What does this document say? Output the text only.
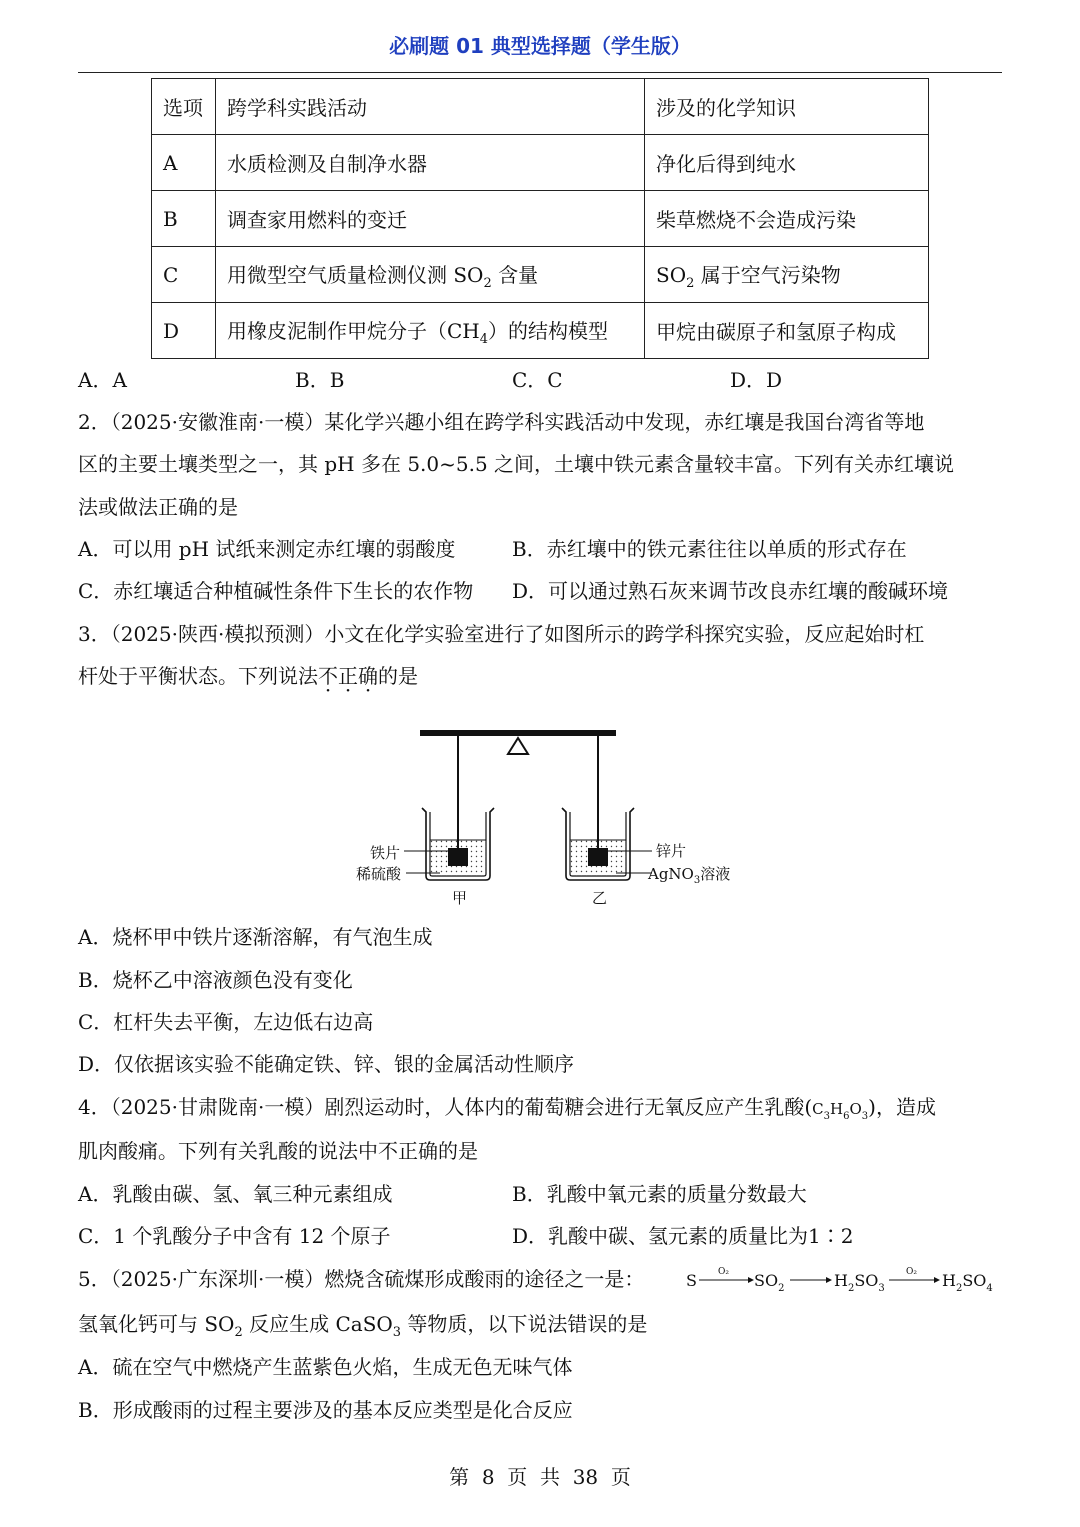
必刷题 01 典型选择题（学生版）
选项	跨学科实践活动	涉及的化学知识
A	水质检测及自制净水器	净化后得到纯水
B	调查家用燃料的变迁	柴草燃烧不会造成污染
C	用微型空气质量检测仪测 $SO_2$ 含量	$SO_2$ 属于空气污染物
D	用橡皮泥制作甲烷分子$(CH_4)$的结构模型	甲烷由碳原子和氢原子构成
A．A	B．B	C．C	D．D
2．（2025·安徽淮南·一模）某化学兴趣小组在跨学科实践活动中发现，赤红壤是我国台湾省等地
区的主要土壤类型之一，其 pH 多在 5.0~5.5 之间，土壤中铁元素含量较丰富。下列有关赤红壤说
法或做法正确的是
A．可以用 pH 试纸来测定赤红壤的弱酸度	B．赤红壤中的铁元素往往以单质的形式存在
C．赤红壤适合种植碱性条件下生长的农作物 D．可以通过熟石灰来调节改良赤红壤的酸碱环境
3．（2025·陕西·模拟预测）小文在化学实验室进行了如图所示的跨学科探究实验，反应起始时杠
杆处于平衡状态。下列说法不正确的是
铁片
稀硫酸
锌片
AgNO$_3$溶液
甲	乙
A．烧杯甲中铁片逐渐溶解，有气泡生成
B．烧杯乙中溶液颜色没有变化
C．杠杆失去平衡，左边低右边高
D．仅依据该实验不能确定铁、锌、银的金属活动性顺序
4．（2025·甘肃陇南·一模）剧烈运动时，人体内的葡萄糖会进行无氧反应产生乳酸$(C_3H_6O_3)$，造成
肌肉酸痛。下列有关乳酸的说法中不正确的是
A．乳酸由碳、氢、氧三种元素组成	B．乳酸中氧元素的质量分数最大
C．1 个乳酸分子中含有 12 个原子	D．乳酸中碳、氢元素的质量比为1∶2
5．（2025·广东深圳·一模）燃烧含硫煤形成酸雨的途径之一是：	S O₂ $SO_2$	$H_2SO_3$
O₂ $H_2SO_4$
氢氧化钙可与 $SO_2$ 反应生成 CaSO$_3$ 等物质，以下说法错误的是
A．硫在空气中燃烧产生蓝紫色火焰，生成无色无味气体
B．形成酸雨的过程主要涉及的基本反应类型是化合反应
第  8  页  共  38  页
